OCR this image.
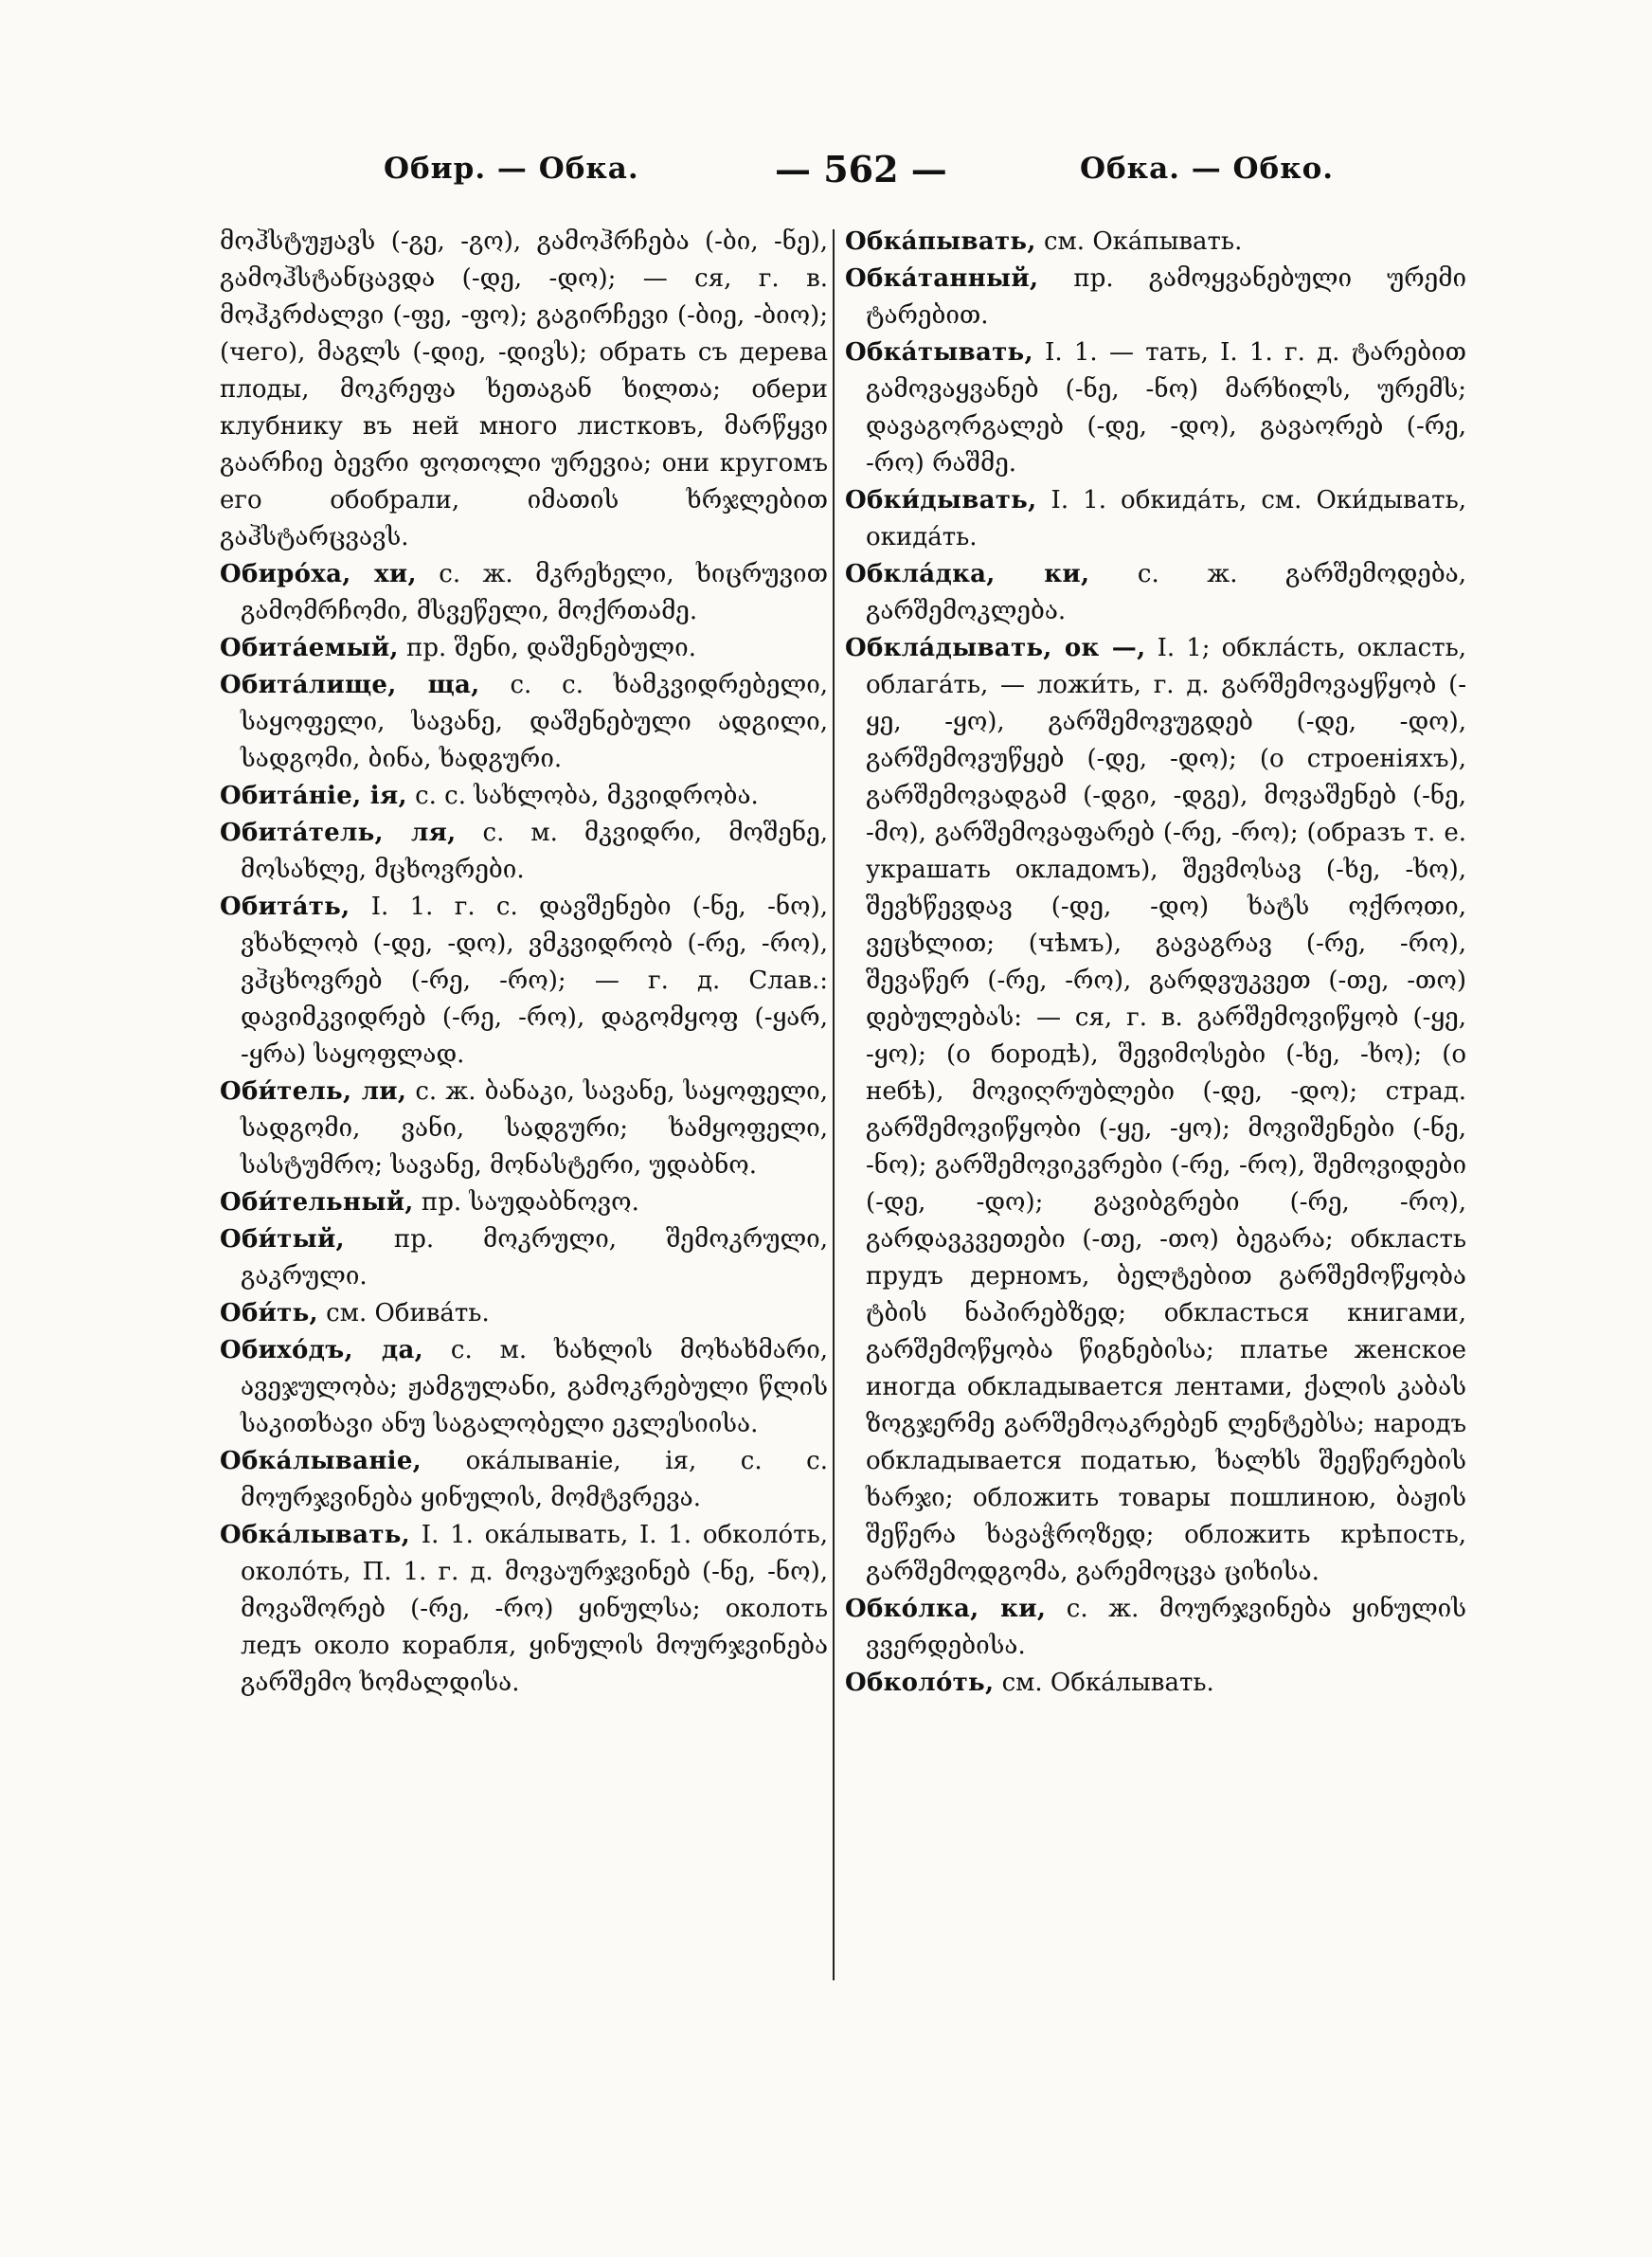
Обир. — Обка.	— 562 —	Обка. — Обко.

მოჰსტუჟავს (-გე, -გო), გამოჰრჩება (-ბი, -ნე), გამოჰსტანცავდა (-დე, -დო); — ся, г. в. მოჰკრძალვი (-ფე, -ფო); გაგირჩევი (-ბიე, -ბიო); (чего), მაგლს (-დიე, -დივს); обрать съ дерева плоды, მოკრეფა ხეთაგან ხილთა; обери клубнику въ ней много листковъ, მარწყვი გაარჩიე ბევრი ფოთოლი ურევია; они кругомъ его обобрали, იმათის ხრჯლებით გაჰსტარცვავს.

Обиро́ха, хи, с. ж. მკრეხელი, ხიცრუვით გამომრჩომი, მსვეწელი, მოქრთამე.

Обита́емый, пр. შენი, დაშენებული.

Обита́лище, ща, с. с. ხამკვიდრებელი, საყოფელი, სავანე, დაშენებული ადგილი, სადგომი, ბინა, ხადგური.

Обита́ніе, ія, с. с. სახლობა, მკვიდრობა.

Обита́тель, ля, с. м. მკვიდრი, მოშენე, მოსახლე, მცხოვრები.

Обита́ть, I. 1. г. с. დავშენები (-ნე, -ნო), ვხახლობ (-დე, -დო), ვმკვიდრობ (-რე, -რო), ვჰცხოვრებ (-რე, -რო); — г. д. Слав.: დავიმკვიდრებ (-რე, -რო), დაგომყოფ (-ყარ, -ყრა) საყოფლად.

Оби́тель, ли, с. ж. ბანაკი, სავანე, საყოფელი, სადგომი, ვანი, სადგური; ხამყოფელი, სასტუმრო; სავანე, მონასტერი, უდაბნო.

Оби́тельный, пр. საუდაბნოვო.

Оби́тый, пр. მოკრული, შემოკრული, გაკრული.

Оби́ть, см. Обива́ть.

Обихо́дъ, да, с. м. ხახლის მოხახმარი, ავეჯულობა; ჟამგულანი, გამოკრებული წლის საკითხავი ანუ საგალობელი ეკლესიისა.

Обка́лываніе, ока́лываніе, ія, с. с. მოურჯვინება ყინულის, მომტვრევა.

Обка́лывать, I. 1. ока́лывать, I. 1. обколо́ть, около́ть, П. 1. г. д. მოვაურჯვინებ (-ნე, -ნო), მოვაშორებ (-რე, -რო) ყინულსა; околоть ледъ около корабля, ყინულის მოურჯვინება გარშემო ხომალდისა.

Обка́пывать, см. Ока́пывать.

Обка́танный, пр. გამოყვანებული ურემი ტარებით.

Обка́тывать, I. 1. — тать, I. 1. г. д. ტარებით გამოვაყვანებ (-ნე, -ნო) მარხილს, ურემს; დავაგორგალებ (-დე, -დო), გავაორებ (-რე, -რო) რაშმე.

Обки́дывать, I. 1. обкида́ть, см. Оки́дывать, окида́ть.

Обкла́дка, ки, с. ж. გარშემოდება, გარშემოკლება.

Обкла́дывать, ок —, I. 1; обкла́сть, окласть, облага́ть, — ложи́ть, г. д. გარშემოვაყწყობ (-ყე, -ყო), გარშემოვუგდებ (-დე, -დო), გარშემოვუწყებ (-დე, -დო); (о строеніяхъ), გარშემოვადგამ (-დგი, -დგე), მოვაშენებ (-ნე, -მო), გარშემოვაფარებ (-რე, -რო); (образъ т. е. украшать окладомъ), შევმოსავ (-ხე, -ხო), შევხწევდავ (-დე, -დო) ხატს ოქროთი, ვეცხლით; (чѣмъ), გავაგრავ (-რე, -რო), შევაწერ (-რე, -რო), გარდვუკვეთ (-თე, -თო) დებულებას: — ся, г. в. გარშემოვიწყობ (-ყე, -ყო); (о бородѣ), შევიმოსები (-ხე, -ხო); (о небѣ), მოვიღრუბლები (-დე, -დო); страд. გარშემოვიწყობი (-ყე, -ყო); მოვიშენები (-ნე, -ნო); გარშემოვიკვრები (-რე, -რო), შემოვიდები (-დე, -დო); გავიბგრები (-რე, -რო), გარდავკვეთები (-თე, -თო) ბეგარა; обкласть прудъ дерномъ, ბელტებით გარშემოწყობა ტბის ნაპირებზედ; обкласться книгами, გარშემოწყობა წიგნებისა; платье женское иногда обкладывается лентами, ქალის კაბას ზოგჯერმე გარშემოაკრებენ ლენტებსა; народъ обкладывается податью, ხალხს შეეწერების ხარჯი; обложить товары пошлиною, ბაჟის შეწერა ხავაჭროზედ; обложить крѣпость, გარშემოდგომა, გარემოცვა ციხისა.

Обко́лка, ки, с. ж. მოურჯვინება ყინულის ვვერდებისა.

Обколо́ть, см. Обка́лывать.
